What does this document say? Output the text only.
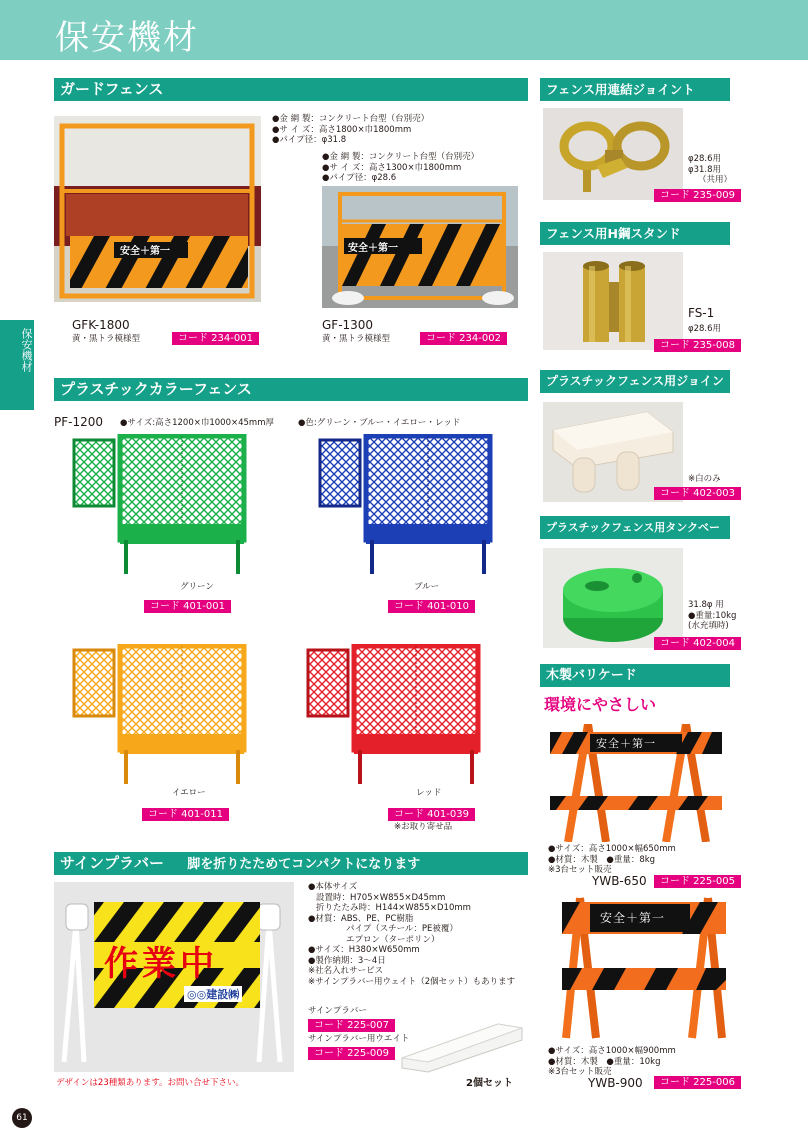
保安機材
保安機材
ガードフェンス
安全＋第一
●金 網 製：コンクリート台型（台別売）
●サ イ ズ：高さ1800×巾1800mm
●パイプ径：φ31.8
●金 網 製：コンクリート台型（台別売）
●サ イ ズ：高さ1300×巾1800mm
●パイプ径：φ28.6
安全＋第一
GFK-1800
黄・黒トラ模様型	コード 234-001
GF-1300
黄・黒トラ模様型	コード 234-002
プラスチックカラーフェンス
PF-1200 ●サイズ:高さ1200×巾1000×45mm厚	●色:グリーン・ブルー・イエロー・レッド
グリーン
コード 401-001
ブルー
コード 401-010
イエロー
コード 401-011
レッド
コード 401-039
※お取り寄せ品
サインプラバー 脚を折りたためてコンパクトになります
作業中
◎◎建設㈱
●本体サイズ
設置時：H705×W855×D45mm
折りたたみ時：H144×W855×D10mm
●材質：ABS、PE、PC樹脂
パイプ（スチール：PE被覆）
エプロン（ターポリン）
●サイズ：H380×W650mm
●製作納期：3～4日
※社名入れサービス
※サインプラバー用ウェイト（2個セット）もあります
サインプラバー
コード 225-007
サインプラバー用ウエイト
コード 225-009
2個セット
デザインは23種類あります。お問い合せ下さい。
フェンス用連結ジョイント
φ28.6用
φ31.8用
（共用）
コード 235-009
フェンス用H鋼スタンド
FS-1
φ28.6用
コード 235-008
プラスチックフェンス用ジョイン
※白のみ
コード 402-003
プラスチックフェンス用タンクベー
31.8φ 用
●重量:10kg
(水充填時)
コード 402-004
木製バリケード
環境にやさしい
安全＋第一
●サイズ：高さ1000×幅650mm
●材質：木製　●重量：8kg
※3台セット販売
YWB-650	コード 225-005
安全＋第一
●サイズ：高さ1000×幅900mm
●材質：木製　●重量：10kg
※3台セット販売
YWB-900	コード 225-006
61
